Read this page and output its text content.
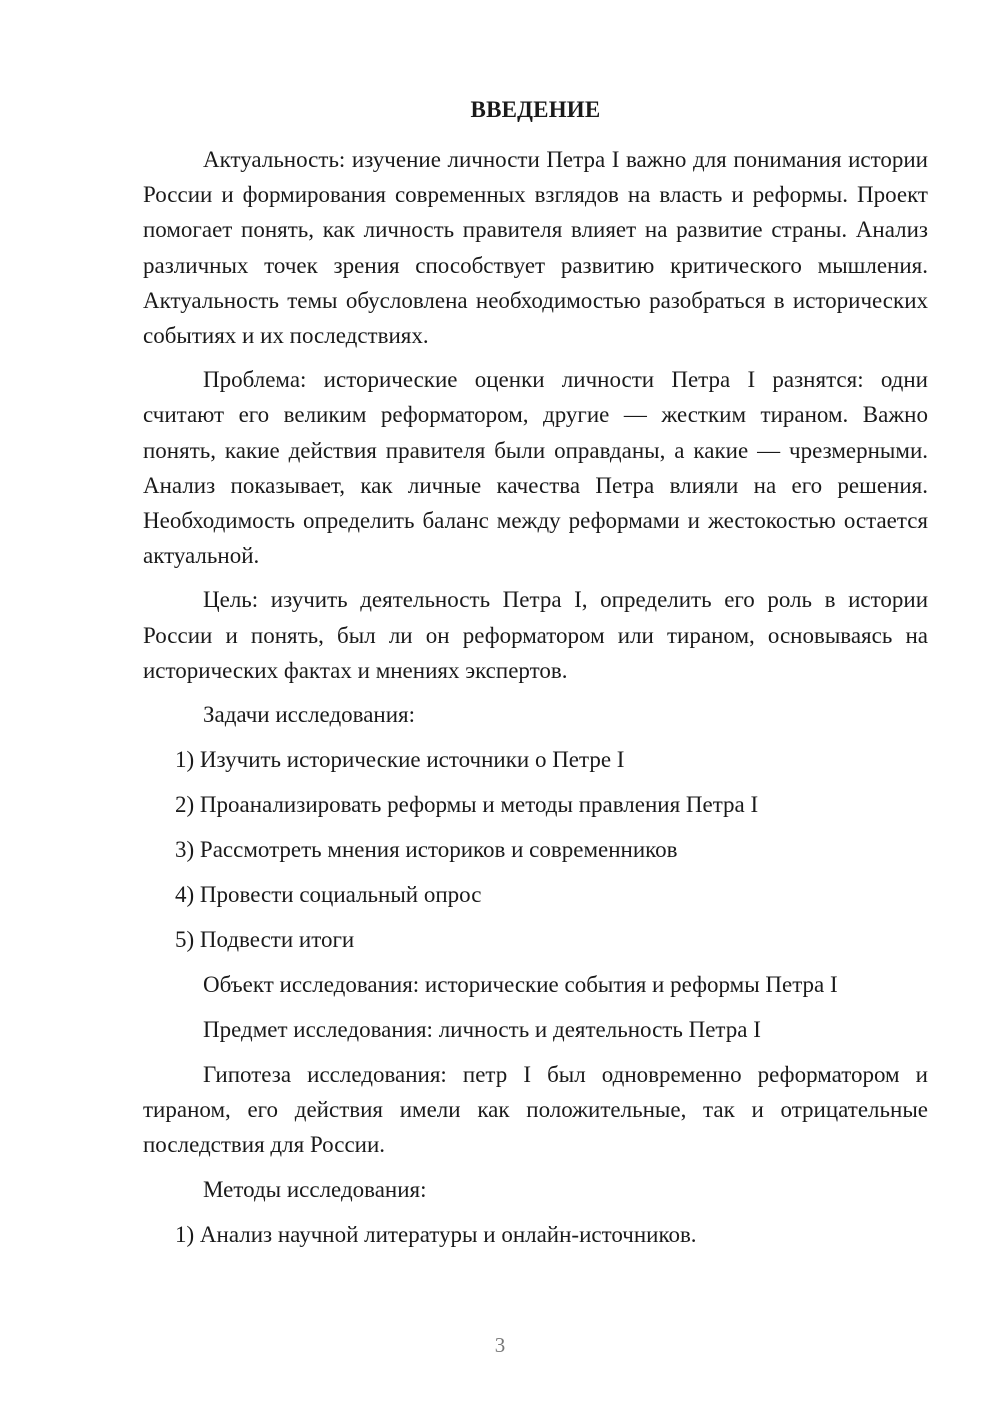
ВВЕДЕНИЕ

Актуальность: изучение личности Петра I важно для понимания истории России и формирования современных взглядов на власть и реформы. Проект помогает понять, как личность правителя влияет на развитие страны. Анализ различных точек зрения способствует развитию критического мышления. Актуальность темы обусловлена необходимостью разобраться в исторических событиях и их последствиях.

Проблема: исторические оценки личности Петра I разнятся: одни считают его великим реформатором, другие — жестким тираном. Важно понять, какие действия правителя были оправданы, а какие — чрезмерными. Анализ показывает, как личные качества Петра влияли на его решения. Необходимость определить баланс между реформами и жестокостью остается актуальной.

Цель: изучить деятельность Петра I, определить его роль в истории России и понять, был ли он реформатором или тираном, основываясь на исторических фактах и мнениях экспертов.

Задачи исследования:
1) Изучить исторические источники о Петре I
2) Проанализировать реформы и методы правления Петра I
3) Рассмотреть мнения историков и современников
4) Провести социальный опрос
5) Подвести итоги
Объект исследования: исторические события и реформы Петра I
Предмет исследования: личность и деятельность Петра I

Гипотеза исследования: петр I был одновременно реформатором и тираном, его действия имели как положительные, так и отрицательные последствия для России.

Методы исследования:
1) Анализ научной литературы и онлайн-источников.
3
